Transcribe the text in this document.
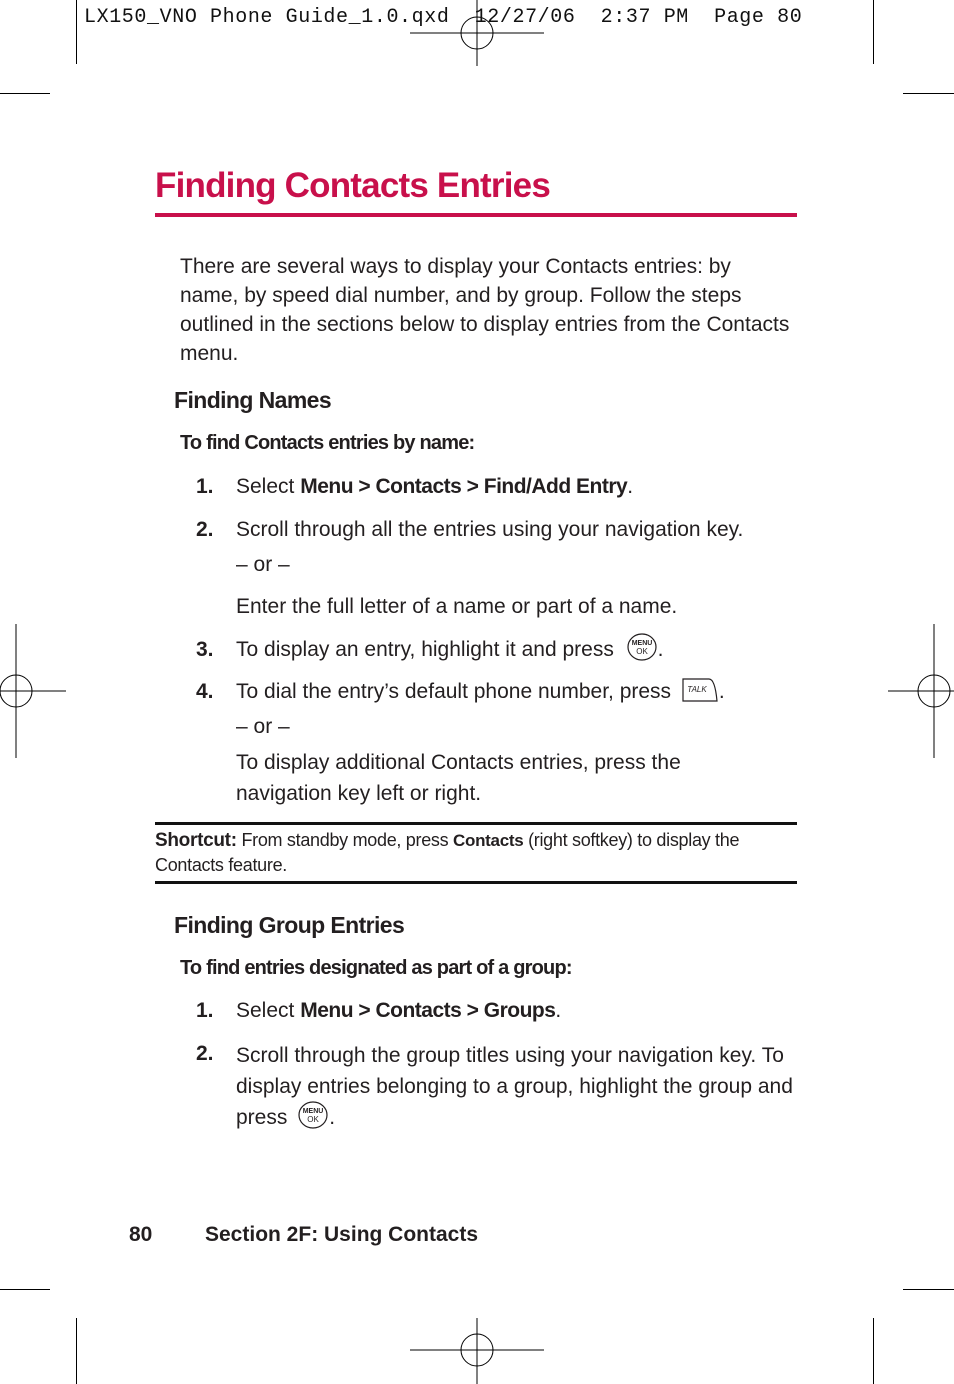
LX150_VNO Phone Guide_1.0.qxd  12/27/06  2:37 PM  Page 80
Finding Contacts Entries
There are several ways to display your Contacts entries: by name, by speed dial number, and by group. Follow the steps outlined in the sections below to display entries from the Contacts menu.
Finding Names
To find Contacts entries by name:
1.	Select Menu > Contacts > Find/Add Entry.
2.	Scroll through all the entries using your navigation key.
– or –
Enter the full letter of a name or part of a name.
3.	To display an entry, highlight it and press	MENU
OK .
4.	To dial the entry’s default phone number, press TALK .
– or –
To display additional Contacts entries, press the navigation key left or right.
Shortcut: From standby mode, press Contacts (right softkey) to display the Contacts feature.
Finding Group Entries
To find entries designated as part of a group:
1.	Select Menu > Contacts > Groups.
2.	Scroll through the group titles using your navigation key. To display entries belonging to a group, highlight the group and press MENU
OK .
80	Section 2F: Using Contacts
